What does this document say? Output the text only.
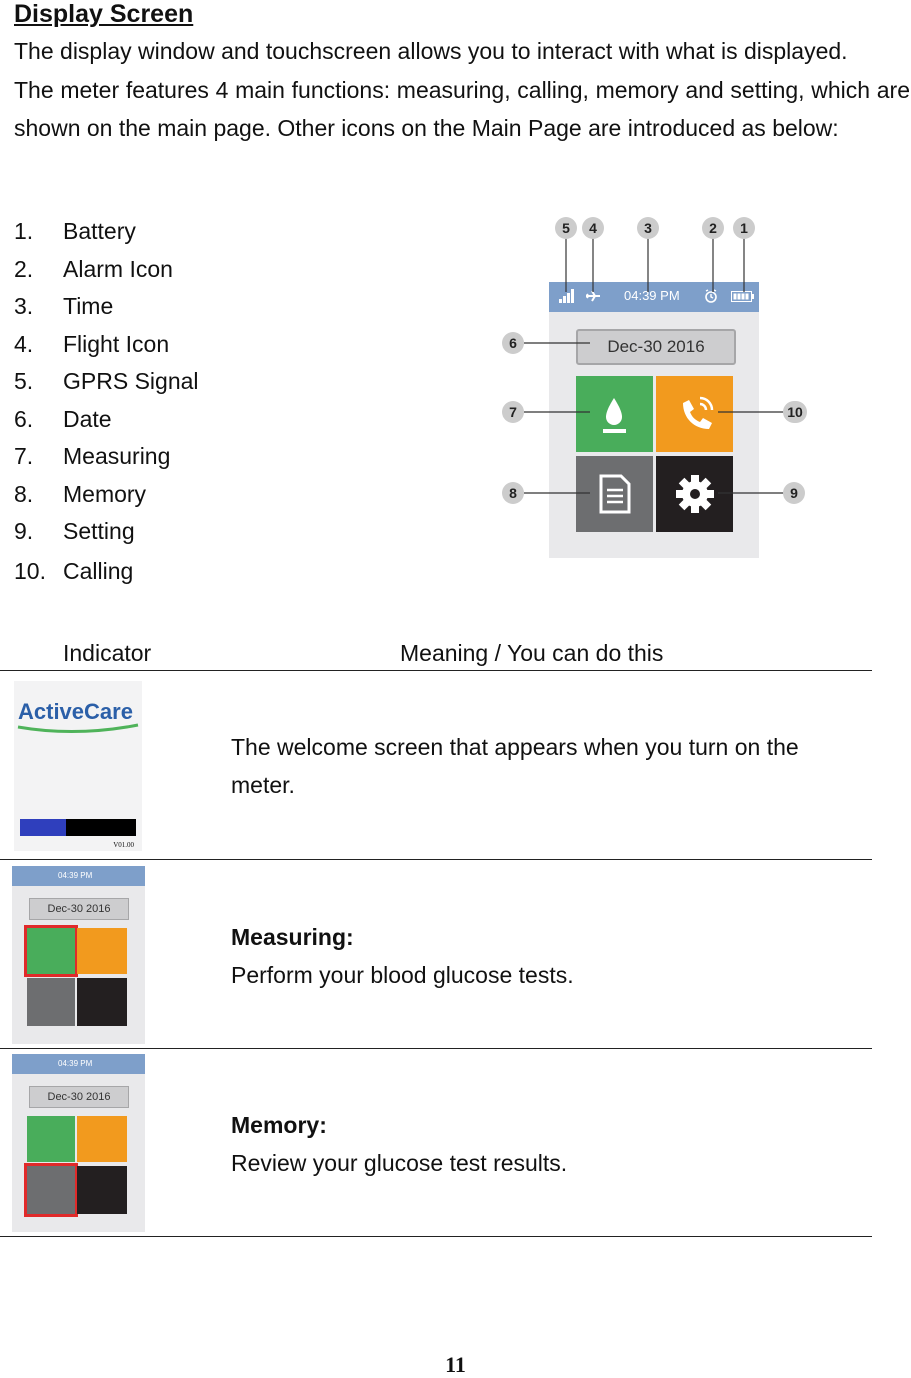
Display Screen

The display window and touchscreen allows you to interact with what is displayed.

The meter features 4 main functions: measuring, calling, memory and setting, which are shown on the main page. Other icons on the Main Page are introduced as below:

1. Battery
2. Alarm Icon
3. Time
4. Flight Icon
5. GPRS Signal
6. Date
7. Measuring
8. Memory
9. Setting
10. Calling
04:39 PM
Dec-30 2016
5	4	3	2	1
6
7	10
8	9
Indicator	Meaning / You can do this
ActiveCare
V01.00
The welcome screen that appears when you turn on the meter.
04:39 PM
Dec-30 2016
Measuring:
Perform your blood glucose tests.
04:39 PM
Dec-30 2016
Memory:
Review your glucose test results.
11
